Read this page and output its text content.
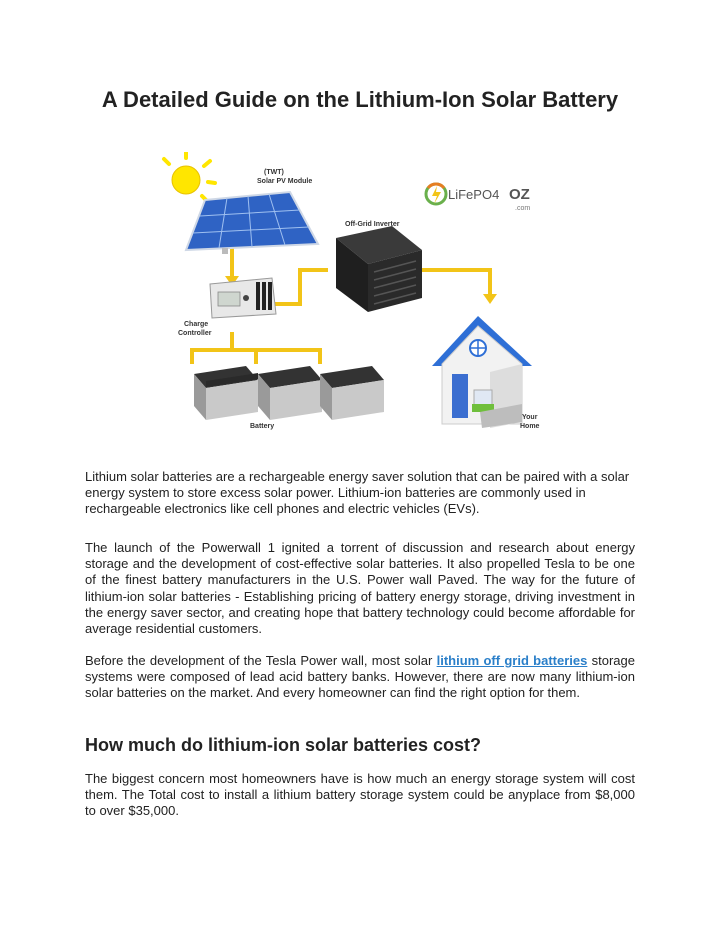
A Detailed Guide on the Lithium-Ion Solar Battery
(TWT)
Solar PV Module
LiFePO4 OZ
.com
Off-Grid Inverter
Charge
Controller
Battery
Your
Home

Lithium solar batteries are a rechargeable energy saver solution that can be paired with a solar energy system to store excess solar power. Lithium-ion batteries are commonly used in rechargeable electronics like cell phones and electric vehicles (EVs).

The launch of the Powerwall 1 ignited a torrent of discussion and research about energy storage and the development of cost-effective solar batteries. It also propelled Tesla to be one of the finest battery manufacturers in the U.S. Power wall Paved. The way for the future of lithium-ion solar batteries - Establishing pricing of battery energy storage, driving investment in the energy saver sector, and creating hope that battery technology could become affordable for average residential customers.

Before the development of the Tesla Power wall, most solar lithium off grid batteries storage systems were composed of lead acid battery banks. However, there are now many lithium-ion solar batteries on the market. And every homeowner can find the right option for them.

How much do lithium-ion solar batteries cost?

The biggest concern most homeowners have is how much an energy storage system will cost them. The Total cost to install a lithium battery storage system could be anyplace from $8,000 to over $35,000.
